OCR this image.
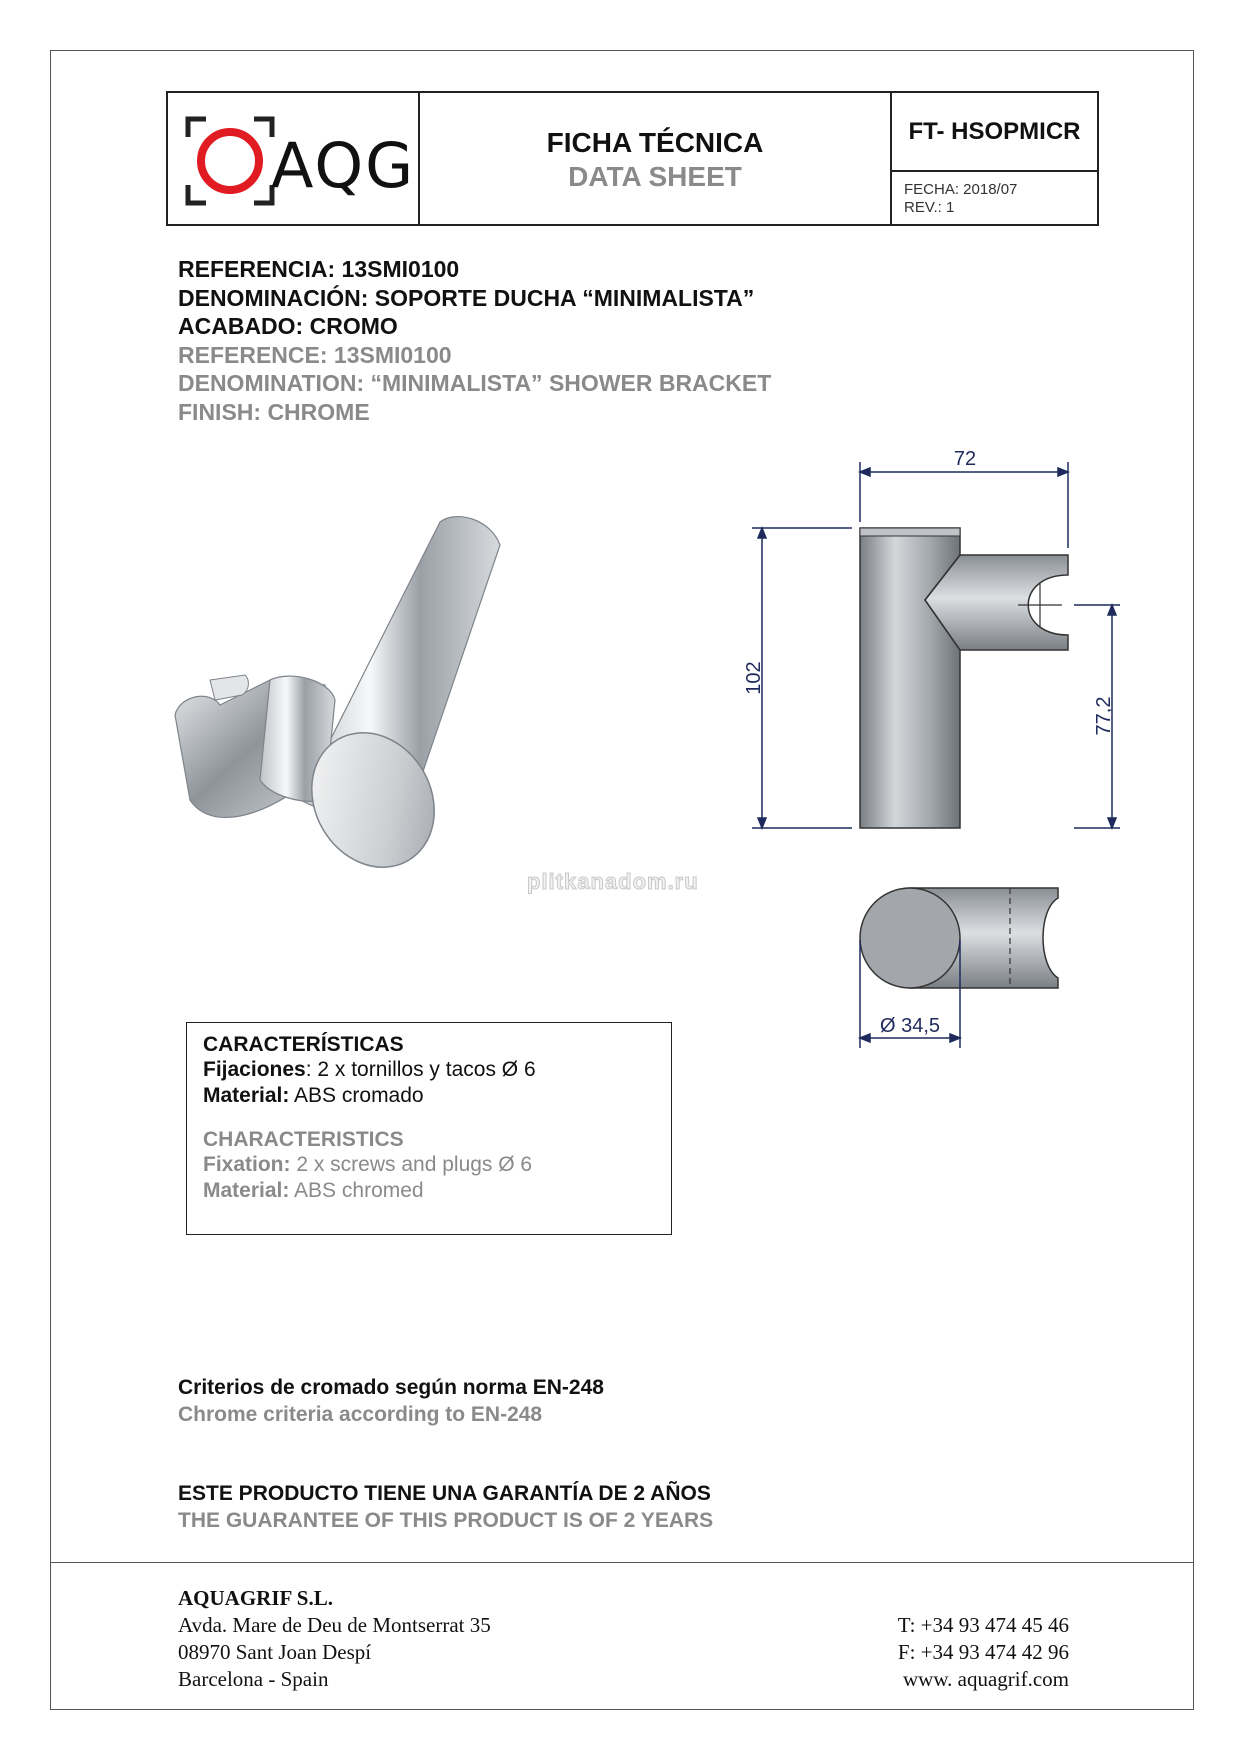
AQG	FICHA TÉCNICA
DATA SHEET
FT- HSOPMICR
FECHA: 2018/07
REV.: 1
REFERENCIA: 13SMI0100
DENOMINACIÓN: SOPORTE DUCHA “MINIMALISTA”
ACABADO: CROMO
REFERENCE: 13SMI0100
DENOMINATION: “MINIMALISTA” SHOWER BRACKET
FINISH: CHROME
plitkanadom.ru
72
102
77,2
Ø 34,5
CARACTERÍSTICAS
Fijaciones: 2 x tornillos y tacos Ø 6
Material: ABS cromado
CHARACTERISTICS
Fixation: 2 x screws and plugs Ø 6
Material: ABS chromed
Criterios de cromado según norma EN-248
Chrome criteria according to EN-248
ESTE PRODUCTO TIENE UNA GARANTÍA DE 2 AÑOS
THE GUARANTEE OF THIS PRODUCT IS OF 2 YEARS
AQUAGRIF S.L.
Avda. Mare de Deu de Montserrat 35
08970 Sant Joan Despí
Barcelona - Spain
T: +34 93 474 45 46
F: +34 93 474 42 96
www. aquagrif.com
